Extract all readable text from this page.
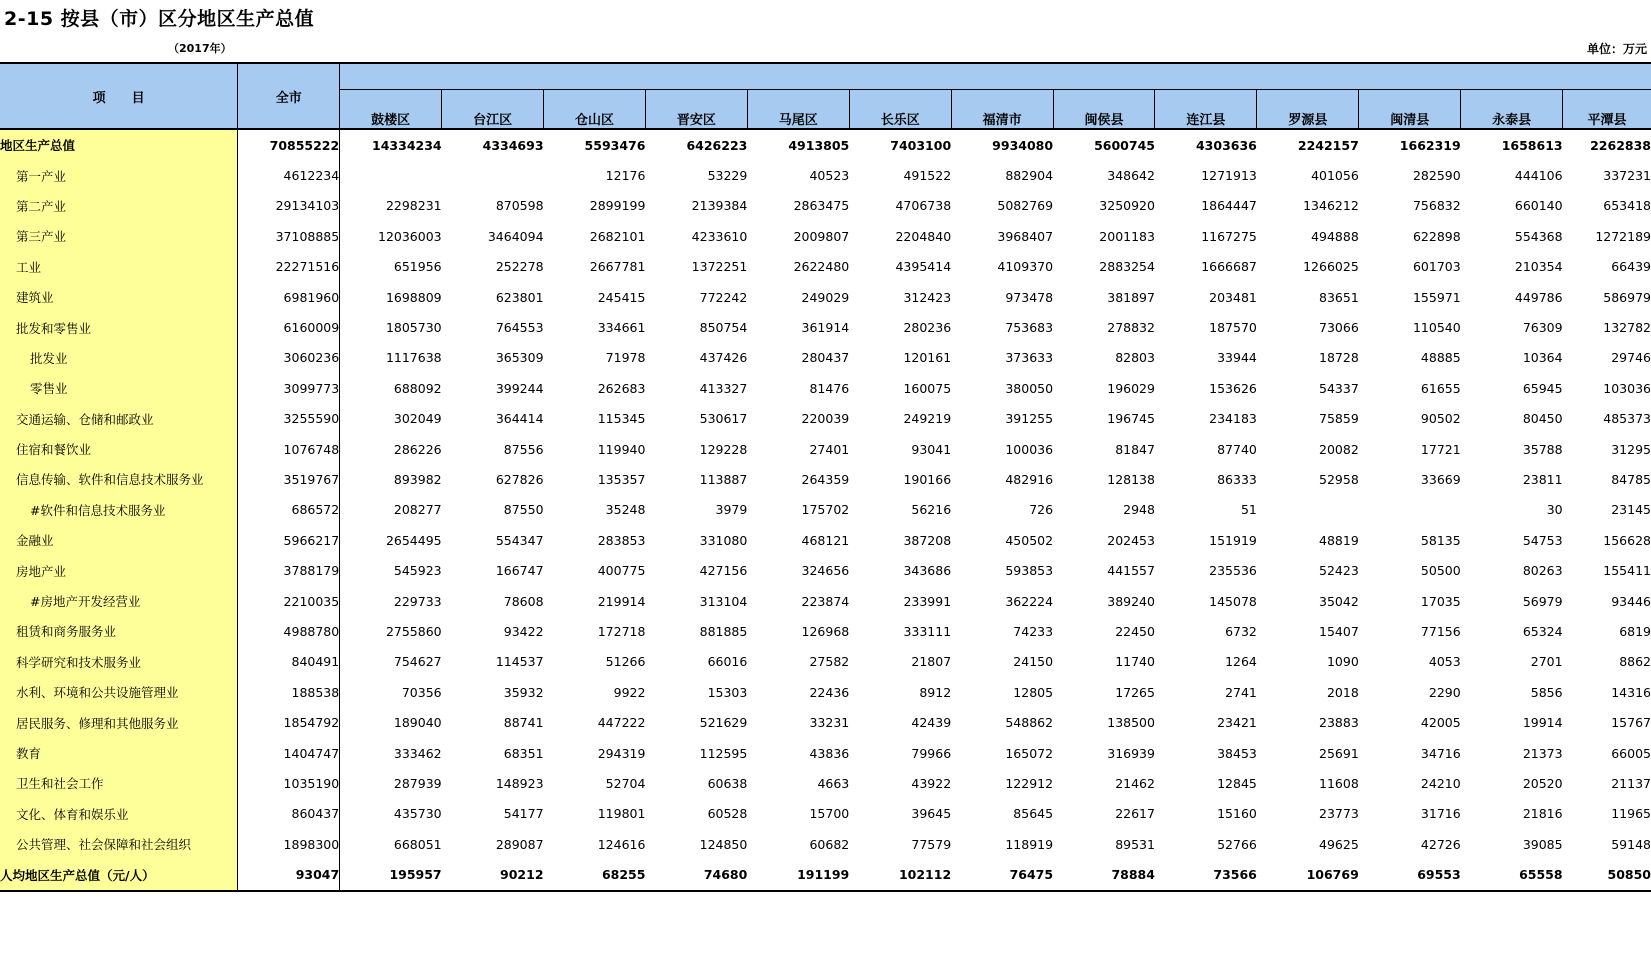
2-15 按县（市）区分地区生产总值
（2017年）	单位：万元
项　　目	全市													
		鼓楼区	台江区	仓山区	晋安区	马尾区	长乐区	福清市	闽侯县	连江县	罗源县	闽清县	永泰县	平潭县
地区生产总值	70855222	14334234	4334693	5593476	6426223	4913805	7403100	9934080	5600745	4303636	2242157	1662319	1658613	2262838
第一产业	4612234			12176	53229	40523	491522	882904	348642	1271913	401056	282590	444106	337231
第二产业	29134103	2298231	870598	2899199	2139384	2863475	4706738	5082769	3250920	1864447	1346212	756832	660140	653418
第三产业	37108885	12036003	3464094	2682101	4233610	2009807	2204840	3968407	2001183	1167275	494888	622898	554368	1272189
工业	22271516	651956	252278	2667781	1372251	2622480	4395414	4109370	2883254	1666687	1266025	601703	210354	66439
建筑业	6981960	1698809	623801	245415	772242	249029	312423	973478	381897	203481	83651	155971	449786	586979
批发和零售业	6160009	1805730	764553	334661	850754	361914	280236	753683	278832	187570	73066	110540	76309	132782
批发业	3060236	1117638	365309	71978	437426	280437	120161	373633	82803	33944	18728	48885	10364	29746
零售业	3099773	688092	399244	262683	413327	81476	160075	380050	196029	153626	54337	61655	65945	103036
交通运输、仓储和邮政业	3255590	302049	364414	115345	530617	220039	249219	391255	196745	234183	75859	90502	80450	485373
住宿和餐饮业	1076748	286226	87556	119940	129228	27401	93041	100036	81847	87740	20082	17721	35788	31295
信息传输、软件和信息技术服务业	3519767	893982	627826	135357	113887	264359	190166	482916	128138	86333	52958	33669	23811	84785
#软件和信息技术服务业	686572	208277	87550	35248	3979	175702	56216	726	2948	51			30	23145
金融业	5966217	2654495	554347	283853	331080	468121	387208	450502	202453	151919	48819	58135	54753	156628
房地产业	3788179	545923	166747	400775	427156	324656	343686	593853	441557	235536	52423	50500	80263	155411
#房地产开发经营业	2210035	229733	78608	219914	313104	223874	233991	362224	389240	145078	35042	17035	56979	93446
租赁和商务服务业	4988780	2755860	93422	172718	881885	126968	333111	74233	22450	6732	15407	77156	65324	6819
科学研究和技术服务业	840491	754627	114537	51266	66016	27582	21807	24150	11740	1264	1090	4053	2701	8862
水利、环境和公共设施管理业	188538	70356	35932	9922	15303	22436	8912	12805	17265	2741	2018	2290	5856	14316
居民服务、修理和其他服务业	1854792	189040	88741	447222	521629	33231	42439	548862	138500	23421	23883	42005	19914	15767
教育	1404747	333462	68351	294319	112595	43836	79966	165072	316939	38453	25691	34716	21373	66005
卫生和社会工作	1035190	287939	148923	52704	60638	4663	43922	122912	21462	12845	11608	24210	20520	21137
文化、体育和娱乐业	860437	435730	54177	119801	60528	15700	39645	85645	22617	15160	23773	31716	21816	11965
公共管理、社会保障和社会组织	1898300	668051	289087	124616	124850	60682	77579	118919	89531	52766	49625	42726	39085	59148
人均地区生产总值（元/人）	93047	195957	90212	68255	74680	191199	102112	76475	78884	73566	106769	69553	65558	50850
